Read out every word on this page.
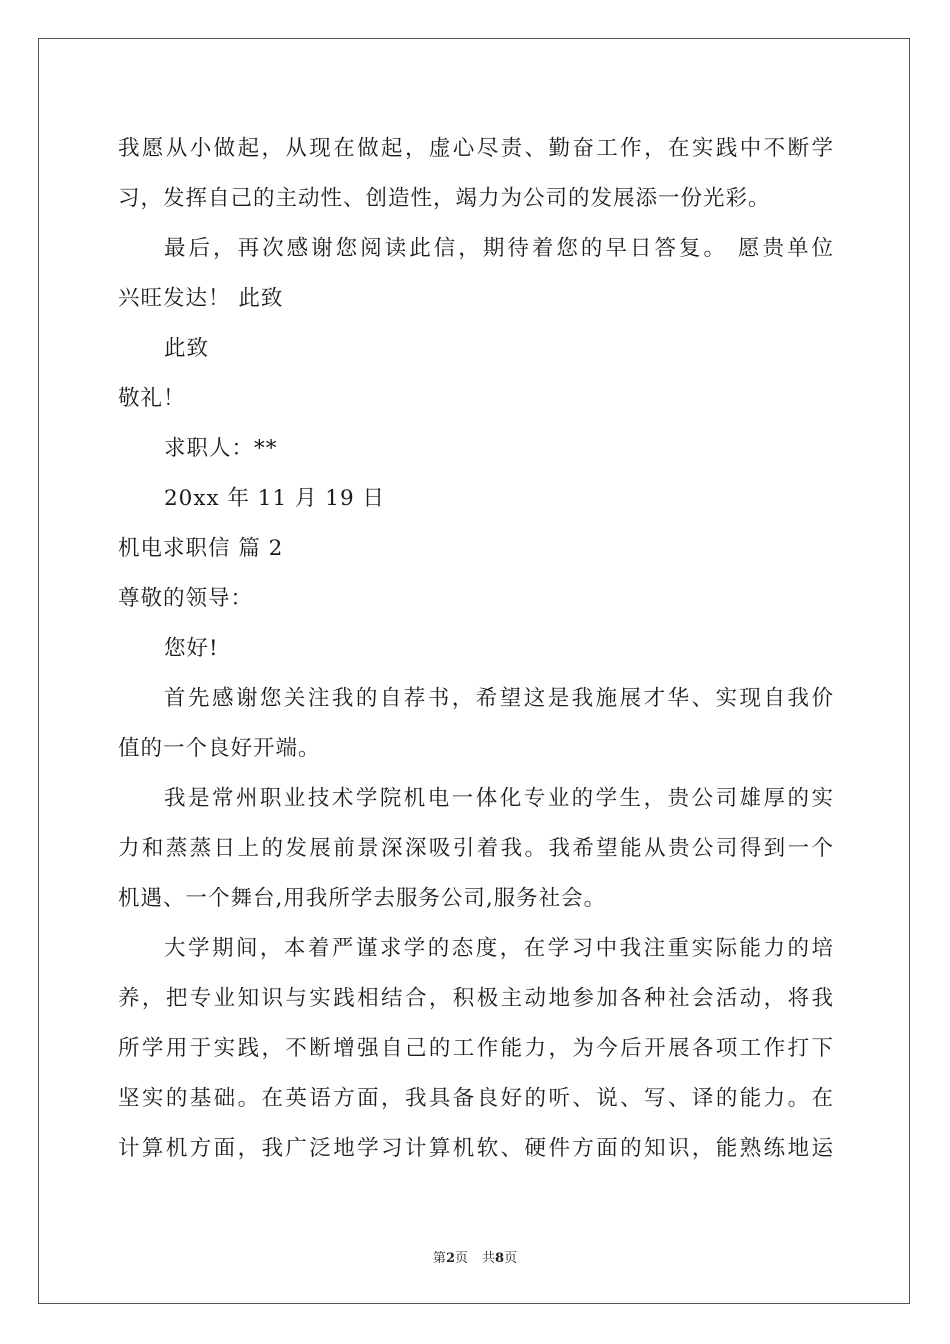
我愿从小做起，从现在做起，虚心尽责、勤奋工作，在实践中不断学
习，发挥自己的主动性、创造性，竭力为公司的发展添一份光彩。
最后，再次感谢您阅读此信，期待着您的早日答复。 愿贵单位
兴旺发达！ 此致
此致
敬礼！
求职人：**
20xx 年 11 月 19 日
机电求职信 篇 2
尊敬的领导：
您好!
首先感谢您关注我的自荐书，希望这是我施展才华、实现自我价
值的一个良好开端。
我是常州职业技术学院机电一体化专业的学生，贵公司雄厚的实
力和蒸蒸日上的发展前景深深吸引着我。我希望能从贵公司得到一个
机遇、一个舞台,用我所学去服务公司,服务社会。
大学期间，本着严谨求学的态度，在学习中我注重实际能力的培
养，把专业知识与实践相结合，积极主动地参加各种社会活动，将我
所学用于实践，不断增强自己的工作能力，为今后开展各项工作打下
坚实的基础。在英语方面，我具备良好的听、说、写、译的能力。在
计算机方面，我广泛地学习计算机软、硬件方面的知识，能熟练地运
第2页 共8页
